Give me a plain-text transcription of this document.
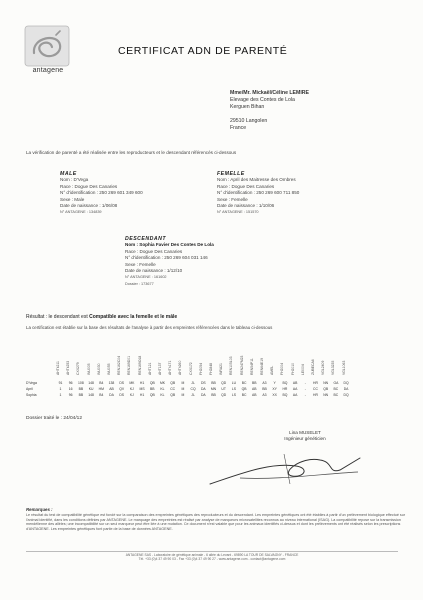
antagene
CERTIFICAT ADN DE PARENTÉ
Mme/Mr. Mickaël/Céline LEMIRE
Elevage des Contes de Lola
Kerguen Bihan
29510 Langolen
France
La vérification de parenté a été réalisée entre les reproducteurs et le descendant référencés ci-dessous
MALE
Nom : D'Vega
Race : Dogue Des Canaries
N° d'identification : 250 269 601 349 600
Sexe : Male
Date de naissance : 1/06/08
N° ANTAGENE : 134839
FEMELLE
Nom : April des Maitresse des Ombres
Race : Dogue Des Canaries
N° d'identification : 250 269 600 711 850
Sexe : Femelle
Date de naissance : 1/10/06
N° ANTAGENE : 151570
DESCENDANT
Nom : Sophia Favier Des Contes De Lola
Race : Dogue Des Canaries
N° d'identification : 250 269 604 031 146
Sexe : Femelle
Date de naissance : 1/12/10
N° ANTAGENE : 161602
Dossier : 173677
Résultat : le descendant est Compatible avec la femelle et le mâle
La certification est établie sur la base des résultats de l'analyse à partir des empreintes référencées dans le tableau ci-dessous
AHTk211	AHTk253	CXX279	INU005	INU030	INU055	REN162C04	REN169D01	REN169O18	AHT121	AHT137	AHTh171	AHTh260	CXX172	FH2054	FH2848	INRA21	REN105L03	REN247M23	REN54P11	REN64E19	AMEL	FH2004	FH2010	LEI004	ZUBECA6	VGL2409	VGL3235	VGL1063
D'Vega	91	96	108	148	B4	138	DS	MK	H1	QB	MK	QB	M	JL	DS	BB	QD	LU	BC	BB	A3	Y	BQ	AB	-	HR	NN	GA	DQ
April	1	16	BB	KU	HM	AB	QV	KJ	MS	BB	KL	CC	M	CQ	DA	MN	UT	LS	QB	AB	BB	XY	HR	AA	-	CC	QB	BC	DA
Sophia	1	96	BB	148	B4	DA	DS	KJ	H1	QB	KL	QB	M	JL	DA	BB	QD	LS	BC	AB	A3	XX	BQ	AA	-	HR	NN	BC	DQ
Dossier traité le : 24/04/12
Lina MUSELET
Ingénieur généticien
Remarques :
Le résultat du test de compatibilité génétique est fondé sur la comparaison des empreintes génétiques des reproducteurs et du descendant. Les empreintes génétiques ont été établies à partir d'un prélèvement biologique effectué sur l'animal identifié, dans les conditions définies par ANTAGENE. Le marquage des empreintes est réalisé par analyse de marqueurs microsatellites reconnus au niveau international (ISAG). La compatibilité repose sur la transmission mendélienne des allèles; une incompatibilité sur un seul marqueur peut être liée à une mutation. Ce document n'est valable que pour les animaux identifiés ci-dessus et dont les prélèvements ont été réalisés selon les prescriptions d'ANTAGENE. Les empreintes génétiques font partie de la base de données ANTAGENE.
ANTAGENE SAS - Laboratoire de génétique animale - 6 allée du Levant - 69890 LA TOUR DE SALVAGNY - FRANCE
Tél. +33 (0)4 37 49 90 03 - Fax +33 (0)4 37 49 90 27 - www.antagene.com - contact@antagene.com
